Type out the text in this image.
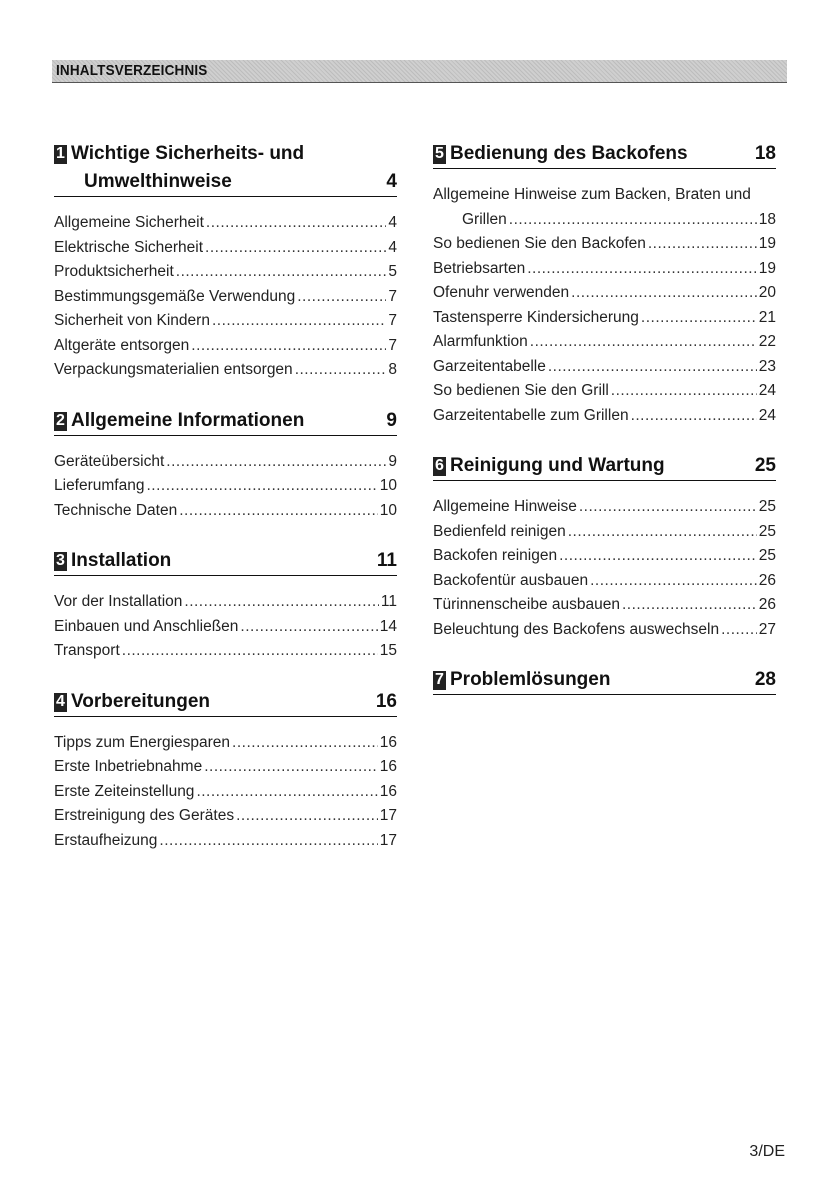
INHALTSVERZEICHNIS
1 Wichtige Sicherheits- und
Umwelthinweise	4
Allgemeine Sicherheit .....	4
Elektrische Sicherheit .....	4
Produktsicherheit .....	5
Bestimmungsgemäße Verwendung .....	7
Sicherheit von Kindern .....	7
Altgeräte entsorgen .....	7
Verpackungsmaterialien entsorgen .....	8
2 Allgemeine Informationen	9
Geräteübersicht .....	9
Lieferumfang .....	10
Technische Daten .....	10
3 Installation	11
Vor der Installation .....	11
Einbauen und Anschließen .....	14
Transport .....	15
4 Vorbereitungen	16
Tipps zum Energiesparen .....	16
Erste Inbetriebnahme .....	16
Erste Zeiteinstellung .....	16
Erstreinigung des Gerätes .....	17
Erstaufheizung .....	17
5 Bedienung des Backofens	18
Allgemeine Hinweise zum Backen, Braten und
Grillen .....	18
So bedienen Sie den Backofen .....	19
Betriebsarten .....	19
Ofenuhr verwenden .....	20
Tastensperre Kindersicherung .....	21
Alarmfunktion .....	22
Garzeitentabelle .....	23
So bedienen Sie den Grill .....	24
Garzeitentabelle zum Grillen .....	24
6 Reinigung und Wartung	25
Allgemeine Hinweise .....	25
Bedienfeld reinigen .....	25
Backofen reinigen .....	25
Backofentür ausbauen .....	26
Türinnenscheibe ausbauen .....	26
Beleuchtung des Backofens auswechseln .....	27
7 Problemlösungen	28
3/DE
